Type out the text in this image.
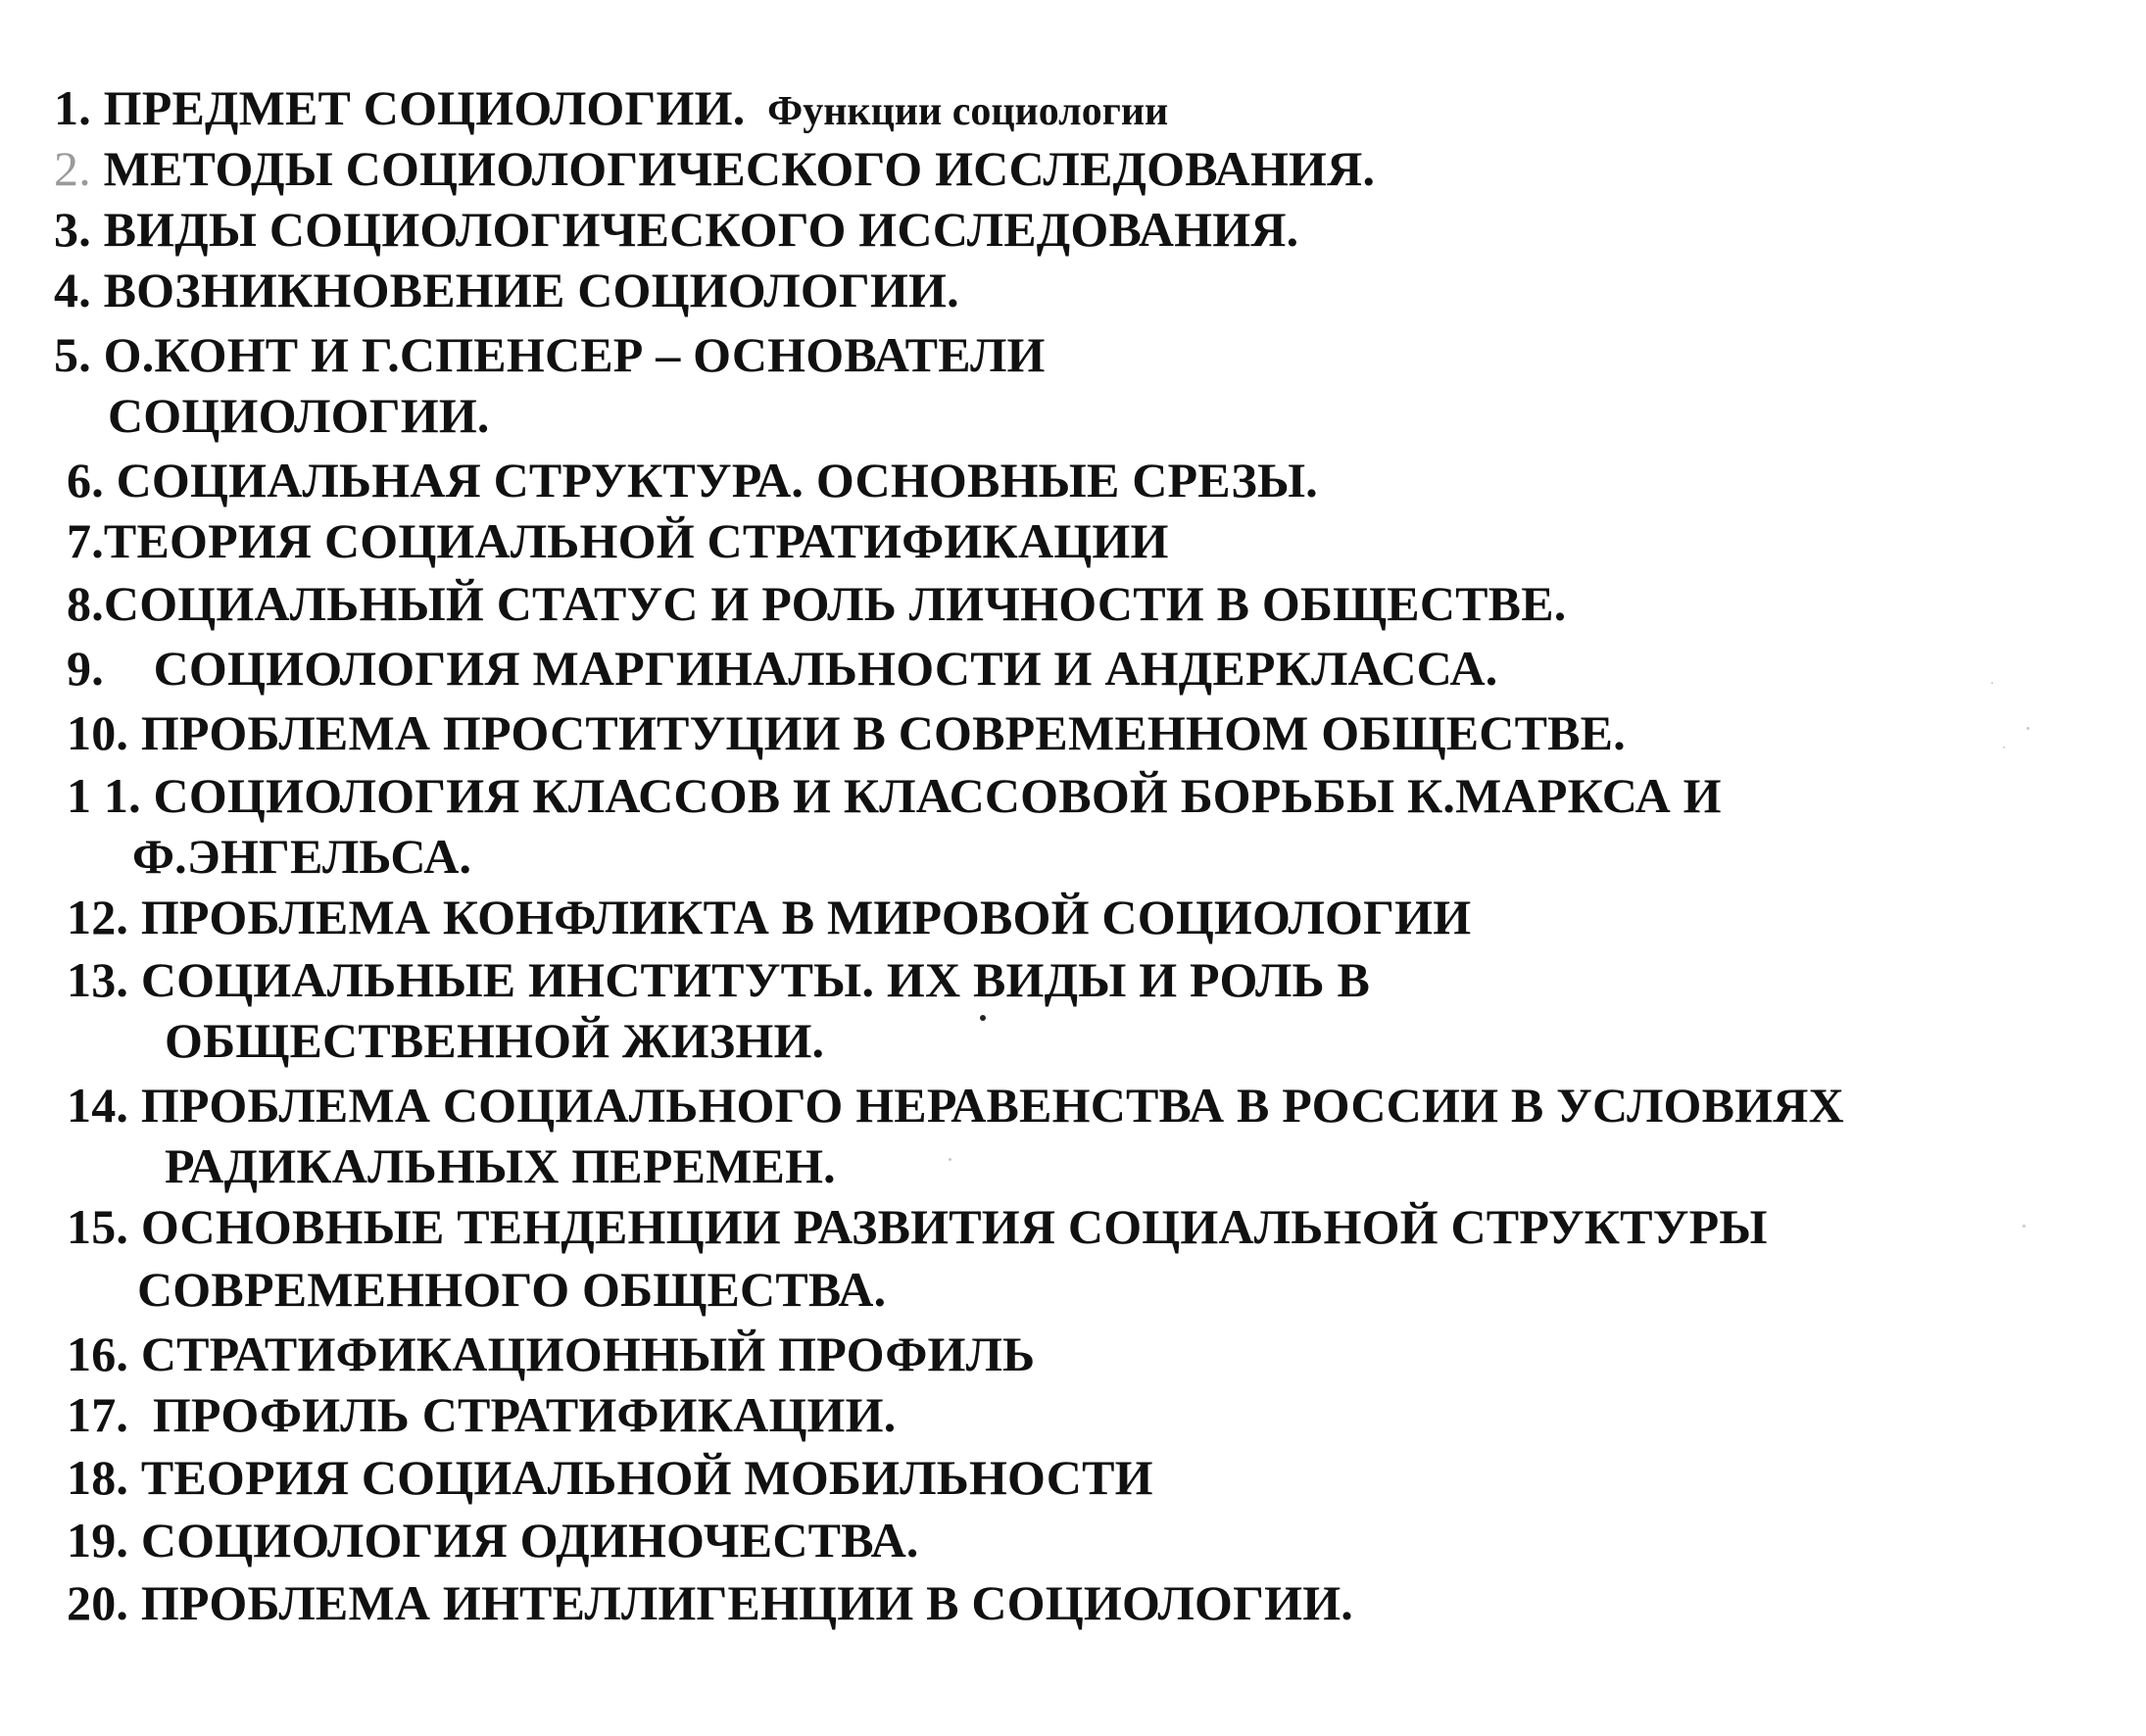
1. ПРЕДМЕТ СОЦИОЛОГИИ. Функции социологии
2. МЕТОДЫ СОЦИОЛОГИЧЕСКОГО ИССЛЕДОВАНИЯ.
3. ВИДЫ СОЦИОЛОГИЧЕСКОГО ИССЛЕДОВАНИЯ.
4. ВОЗНИКНОВЕНИЕ СОЦИОЛОГИИ.
5. О.КОНТ И Г.СПЕНСЕР – ОСНОВАТЕЛИ
СОЦИОЛОГИИ.
6. СОЦИАЛЬНАЯ СТРУКТУРА. ОСНОВНЫЕ СРЕЗЫ.
7.ТЕОРИЯ СОЦИАЛЬНОЙ СТРАТИФИКАЦИИ
8.СОЦИАЛЬНЫЙ СТАТУС И РОЛЬ ЛИЧНОСТИ В ОБЩЕСТВЕ.
9. СОЦИОЛОГИЯ МАРГИНАЛЬНОСТИ И АНДЕРКЛАССА.
10. ПРОБЛЕМА ПРОСТИТУЦИИ В СОВРЕМЕННОМ ОБЩЕСТВЕ.
1 1. СОЦИОЛОГИЯ КЛАССОВ И КЛАССОВОЙ БОРЬБЫ К.МАРКСА И
Ф.ЭНГЕЛЬСА.
12. ПРОБЛЕМА КОНФЛИКТА В МИРОВОЙ СОЦИОЛОГИИ
13. СОЦИАЛЬНЫЕ ИНСТИТУТЫ. ИХ ВИДЫ И РОЛЬ В
ОБЩЕСТВЕННОЙ ЖИЗНИ.
14. ПРОБЛЕМА СОЦИАЛЬНОГО НЕРАВЕНСТВА В РОССИИ В УСЛОВИЯХ
РАДИКАЛЬНЫХ ПЕРЕМЕН.
15. ОСНОВНЫЕ ТЕНДЕНЦИИ РАЗВИТИЯ СОЦИАЛЬНОЙ СТРУКТУРЫ
СОВРЕМЕННОГО ОБЩЕСТВА.
16. СТРАТИФИКАЦИОННЫЙ ПРОФИЛЬ
17. ПРОФИЛЬ СТРАТИФИКАЦИИ.
18. ТЕОРИЯ СОЦИАЛЬНОЙ МОБИЛЬНОСТИ
19. СОЦИОЛОГИЯ ОДИНОЧЕСТВА.
20. ПРОБЛЕМА ИНТЕЛЛИГЕНЦИИ В СОЦИОЛОГИИ.
